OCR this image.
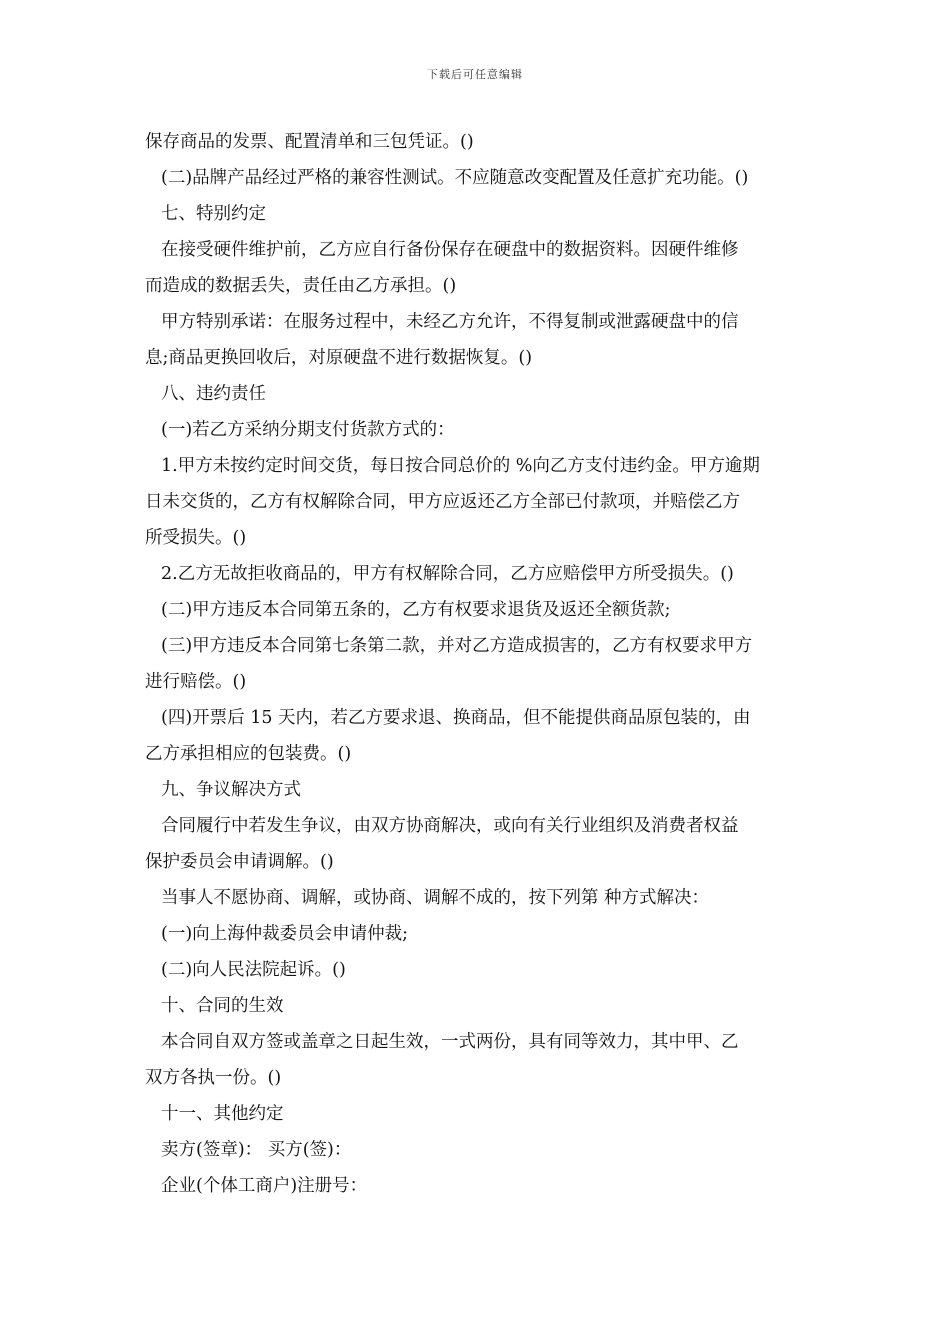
下载后可任意编辑
保存商品的发票、配置清单和三包凭证。()
(二)品牌产品经过严格的兼容性测试。不应随意改变配置及任意扩充功能。()
七、特别约定
在接受硬件维护前，乙方应自行备份保存在硬盘中的数据资料。因硬件维修
而造成的数据丢失，责任由乙方承担。()
甲方特别承诺：在服务过程中，未经乙方允许，不得复制或泄露硬盘中的信
息;商品更换回收后，对原硬盘不进行数据恢复。()
八、违约责任
(一)若乙方采纳分期支付货款方式的：
1.甲方未按约定时间交货，每日按合同总价的 %向乙方支付违约金。甲方逾期
日未交货的，乙方有权解除合同，甲方应返还乙方全部已付款项，并赔偿乙方
所受损失。()
2.乙方无故拒收商品的，甲方有权解除合同，乙方应赔偿甲方所受损失。()
(二)甲方违反本合同第五条的，乙方有权要求退货及返还全额货款;
(三)甲方违反本合同第七条第二款，并对乙方造成损害的，乙方有权要求甲方
进行赔偿。()
(四)开票后 15 天内，若乙方要求退、换商品，但不能提供商品原包装的，由
乙方承担相应的包装费。()
九、争议解决方式
合同履行中若发生争议，由双方协商解决，或向有关行业组织及消费者权益
保护委员会申请调解。()
当事人不愿协商、调解，或协商、调解不成的，按下列第 种方式解决：
(一)向上海仲裁委员会申请仲裁;
(二)向人民法院起诉。()
十、合同的生效
本合同自双方签或盖章之日起生效，一式两份，具有同等效力，其中甲、乙
双方各执一份。()
十一、其他约定
卖方(签章)： 买方(签)：
企业(个体工商户)注册号：
